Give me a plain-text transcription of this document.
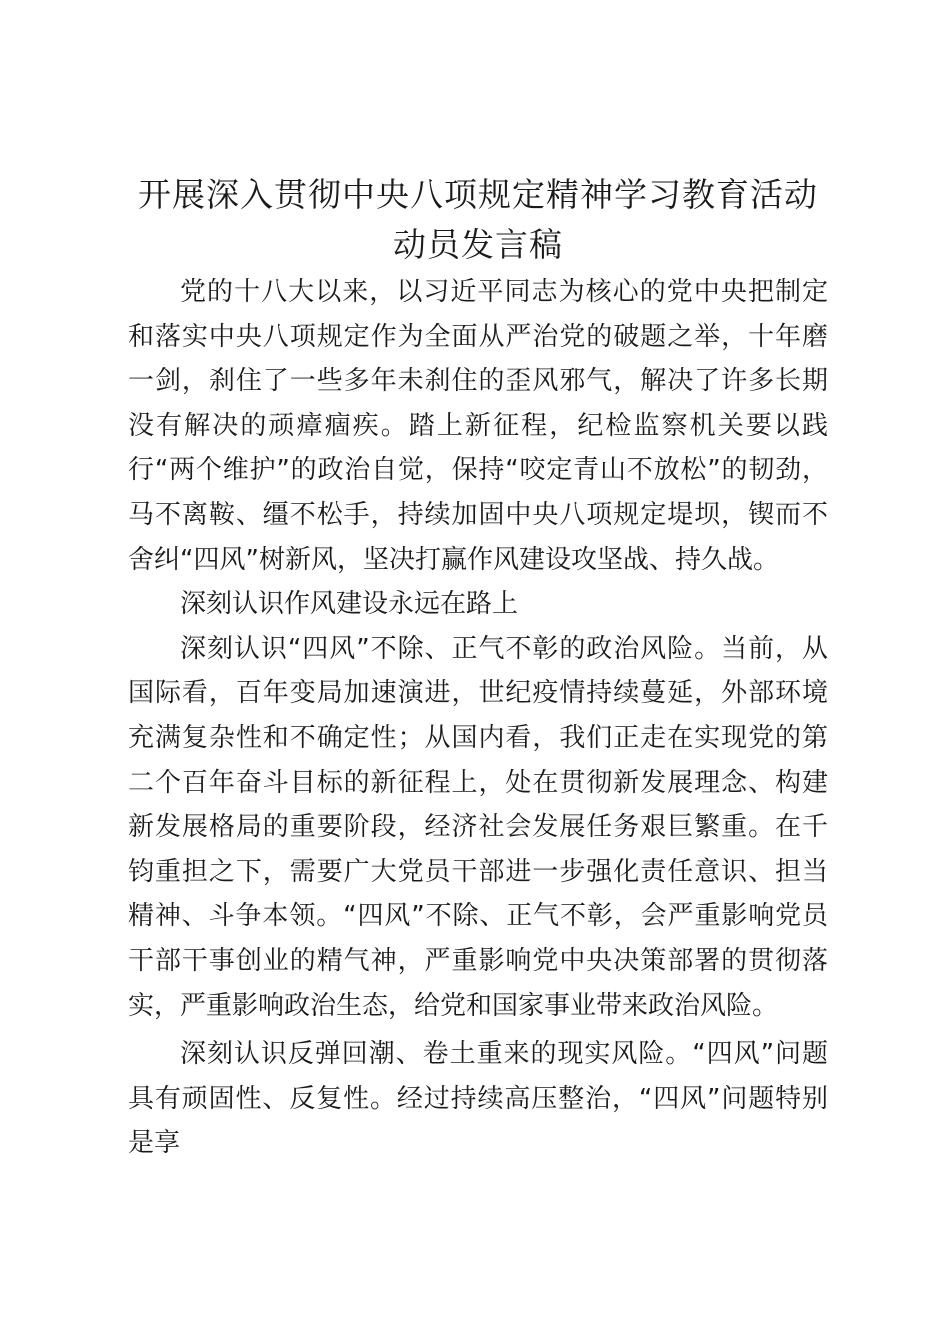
开展深入贯彻中央八项规定精神学习教育活动
动员发言稿

党的十八大以来，以习近平同志为核心的党中央把制定和落实中央八项规定作为全面从严治党的破题之举，十年磨一剑，刹住了一些多年未刹住的歪风邪气，解决了许多长期没有解决的顽瘴痼疾。踏上新征程，纪检监察机关要以践行“两个维护”的政治自觉，保持“咬定青山不放松”的韧劲，马不离鞍、缰不松手，持续加固中央八项规定堤坝，锲而不舍纠“四风”树新风，坚决打赢作风建设攻坚战、持久战。

深刻认识作风建设永远在路上

深刻认识“四风”不除、正气不彰的政治风险。当前，从国际看，百年变局加速演进，世纪疫情持续蔓延，外部环境充满复杂性和不确定性；从国内看，我们正走在实现党的第二个百年奋斗目标的新征程上，处在贯彻新发展理念、构建新发展格局的重要阶段，经济社会发展任务艰巨繁重。在千钧重担之下，需要广大党员干部进一步强化责任意识、担当精神、斗争本领。“四风”不除、正气不彰，会严重影响党员干部干事创业的精气神，严重影响党中央决策部署的贯彻落实，严重影响政治生态，给党和国家事业带来政治风险。

深刻认识反弹回潮、卷土重来的现实风险。“四风”问题具有顽固性、反复性。经过持续高压整治，“四风”问题特别是享
